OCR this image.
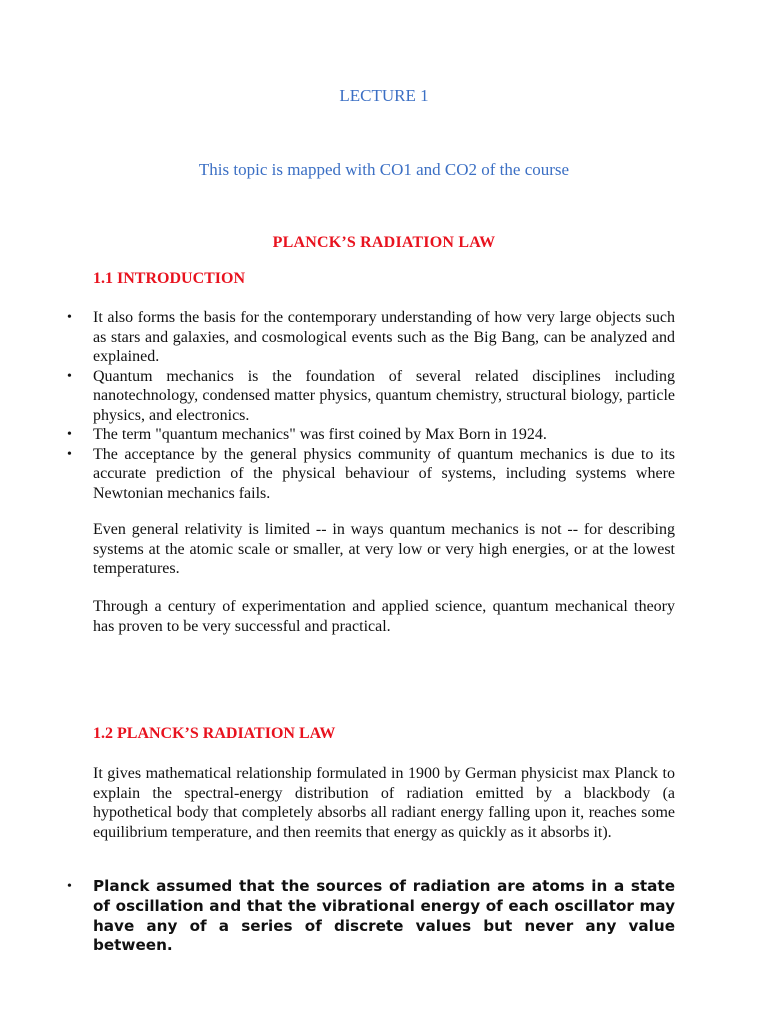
LECTURE 1
This topic is mapped with CO1 and CO2 of the course
PLANCK’S RADIATION LAW
1.1 INTRODUCTION
• It also forms the basis for the contemporary understanding of how very large objects such as stars and galaxies, and cosmological events such as the Big Bang, can be analyzed and explained.
• Quantum mechanics is the foundation of several related disciplines including nanotechnology, condensed matter physics, quantum chemistry, structural biology, particle physics, and electronics.
• The term "quantum mechanics" was first coined by Max Born in 1924.
• The acceptance by the general physics community of quantum mechanics is due to its accurate prediction of the physical behaviour of systems, including systems where Newtonian mechanics fails.

Even general relativity is limited -- in ways quantum mechanics is not -- for describing systems at the atomic scale or smaller, at very low or very high energies, or at the lowest temperatures.

Through a century of experimentation and applied science, quantum mechanical theory has proven to be very successful and practical.

1.2 PLANCK’S RADIATION LAW

It gives mathematical relationship formulated in 1900 by German physicist max Planck to explain the spectral-energy distribution of radiation emitted by a blackbody (a hypothetical body that completely absorbs all radiant energy falling upon it, reaches some equilibrium temperature, and then reemits that energy as quickly as it absorbs it).

• Planck assumed that the sources of radiation are atoms in a state of oscillation and that the vibrational energy of each oscillator may have any of a series of discrete values but never any value between.
